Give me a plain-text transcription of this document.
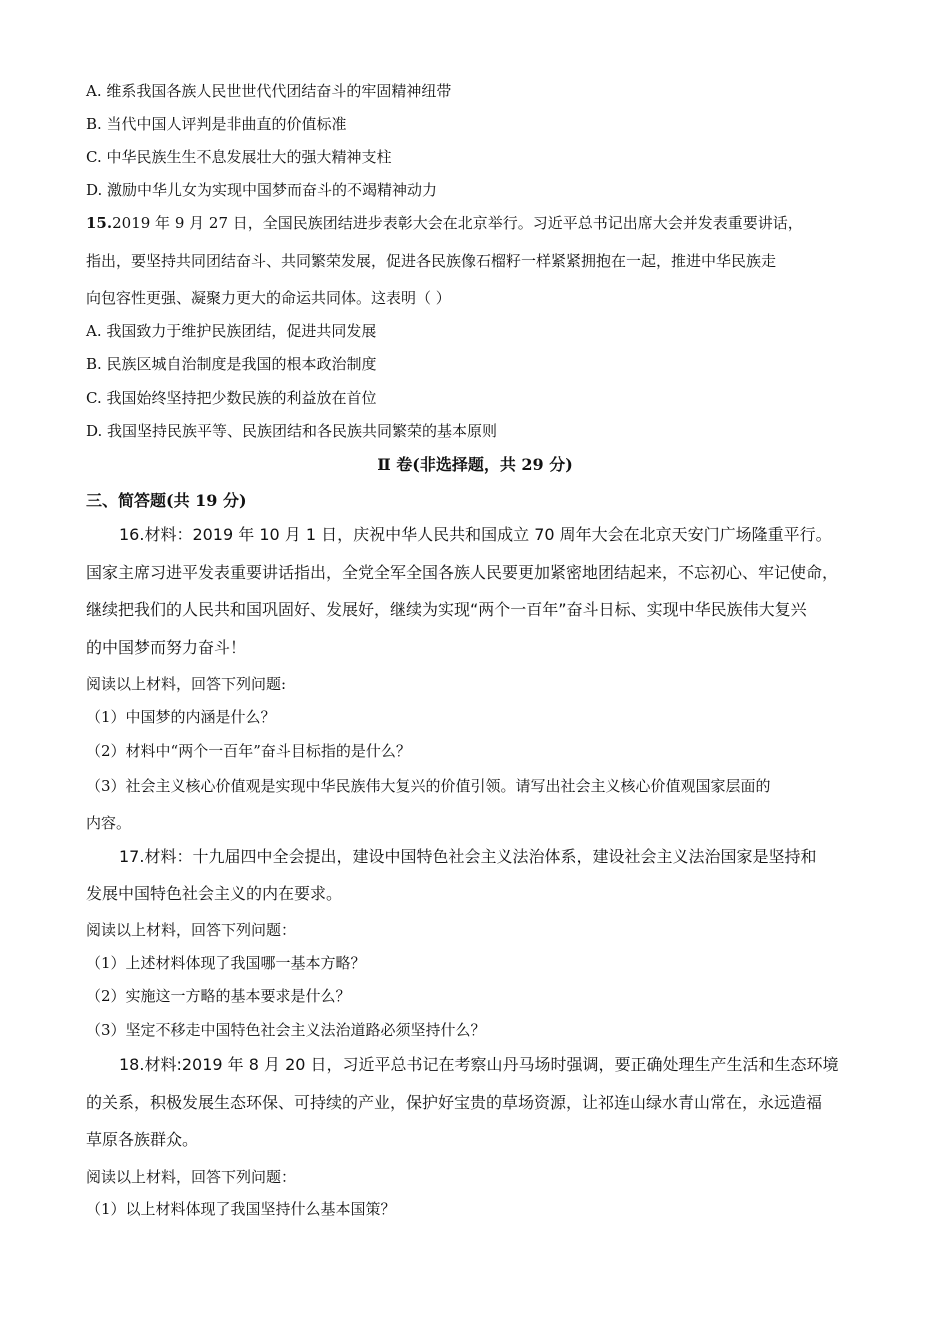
A. 维系我国各族人民世世代代团结奋斗的牢固精神纽带
B. 当代中国人评判是非曲直的价值标准
C. 中华民族生生不息发展壮大的强大精神支柱
D. 激励中华儿女为实现中国梦而奋斗的不竭精神动力
15.2019 年 9 月 27 日，全国民族团结进步表彰大会在北京举行。习近平总书记出席大会并发表重要讲话，
指出，要坚持共同团结奋斗、共同繁荣发展，促进各民族像石榴籽一样紧紧拥抱在一起，推进中华民族走
向包容性更强、凝聚力更大的命运共同体。这表明（ ）
A. 我国致力于维护民族团结，促进共同发展
B. 民族区城自治制度是我国的根本政治制度
C. 我国始终坚持把少数民族的利益放在首位
D. 我国坚持民族平等、民族团结和各民族共同繁荣的基本原则
Ⅱ 卷(非选择题，共 29 分)
三、简答题(共 19 分)
16.材料：2019 年 10 月 1 日，庆祝中华人民共和国成立 70 周年大会在北京天安门广场隆重平行。
国家主席习进平发表重要讲话指出，全党全军全国各族人民要更加紧密地团结起来，不忘初心、牢记使命，
继续把我们的人民共和国巩固好、发展好，继续为实现“两个一百年”奋斗日标、实现中华民族伟大复兴
的中国梦而努力奋斗！
阅读以上材料，回答下列问题:
（1）中国梦的内涵是什么？
（2）材料中“两个一百年”奋斗目标指的是什么？
（3）社会主义核心价值观是实现中华民族伟大复兴的价值引领。请写出社会主义核心价值观国家层面的
内容。
17.材料：十九届四中全会提出，建设中国特色社会主义法治体系，建设社会主义法治国家是坚持和
发展中国特色社会主义的内在要求。
阅读以上材料，回答下列问题：
（1）上述材料体现了我国哪一基本方略？
（2）实施这一方略的基本要求是什么？
（3）坚定不移走中国特色社会主义法治道路必须坚持什么？
18.材料:2019 年 8 月 20 日，习近平总书记在考察山丹马场时强调，要正确处理生产生活和生态环境
的关系，积极发展生态环保、可持续的产业，保护好宝贵的草场资源，让祁连山绿水青山常在，永远造福
草原各族群众。
阅读以上材料，回答下列问题：
（1）以上材料体现了我国坚持什么基本国策？
